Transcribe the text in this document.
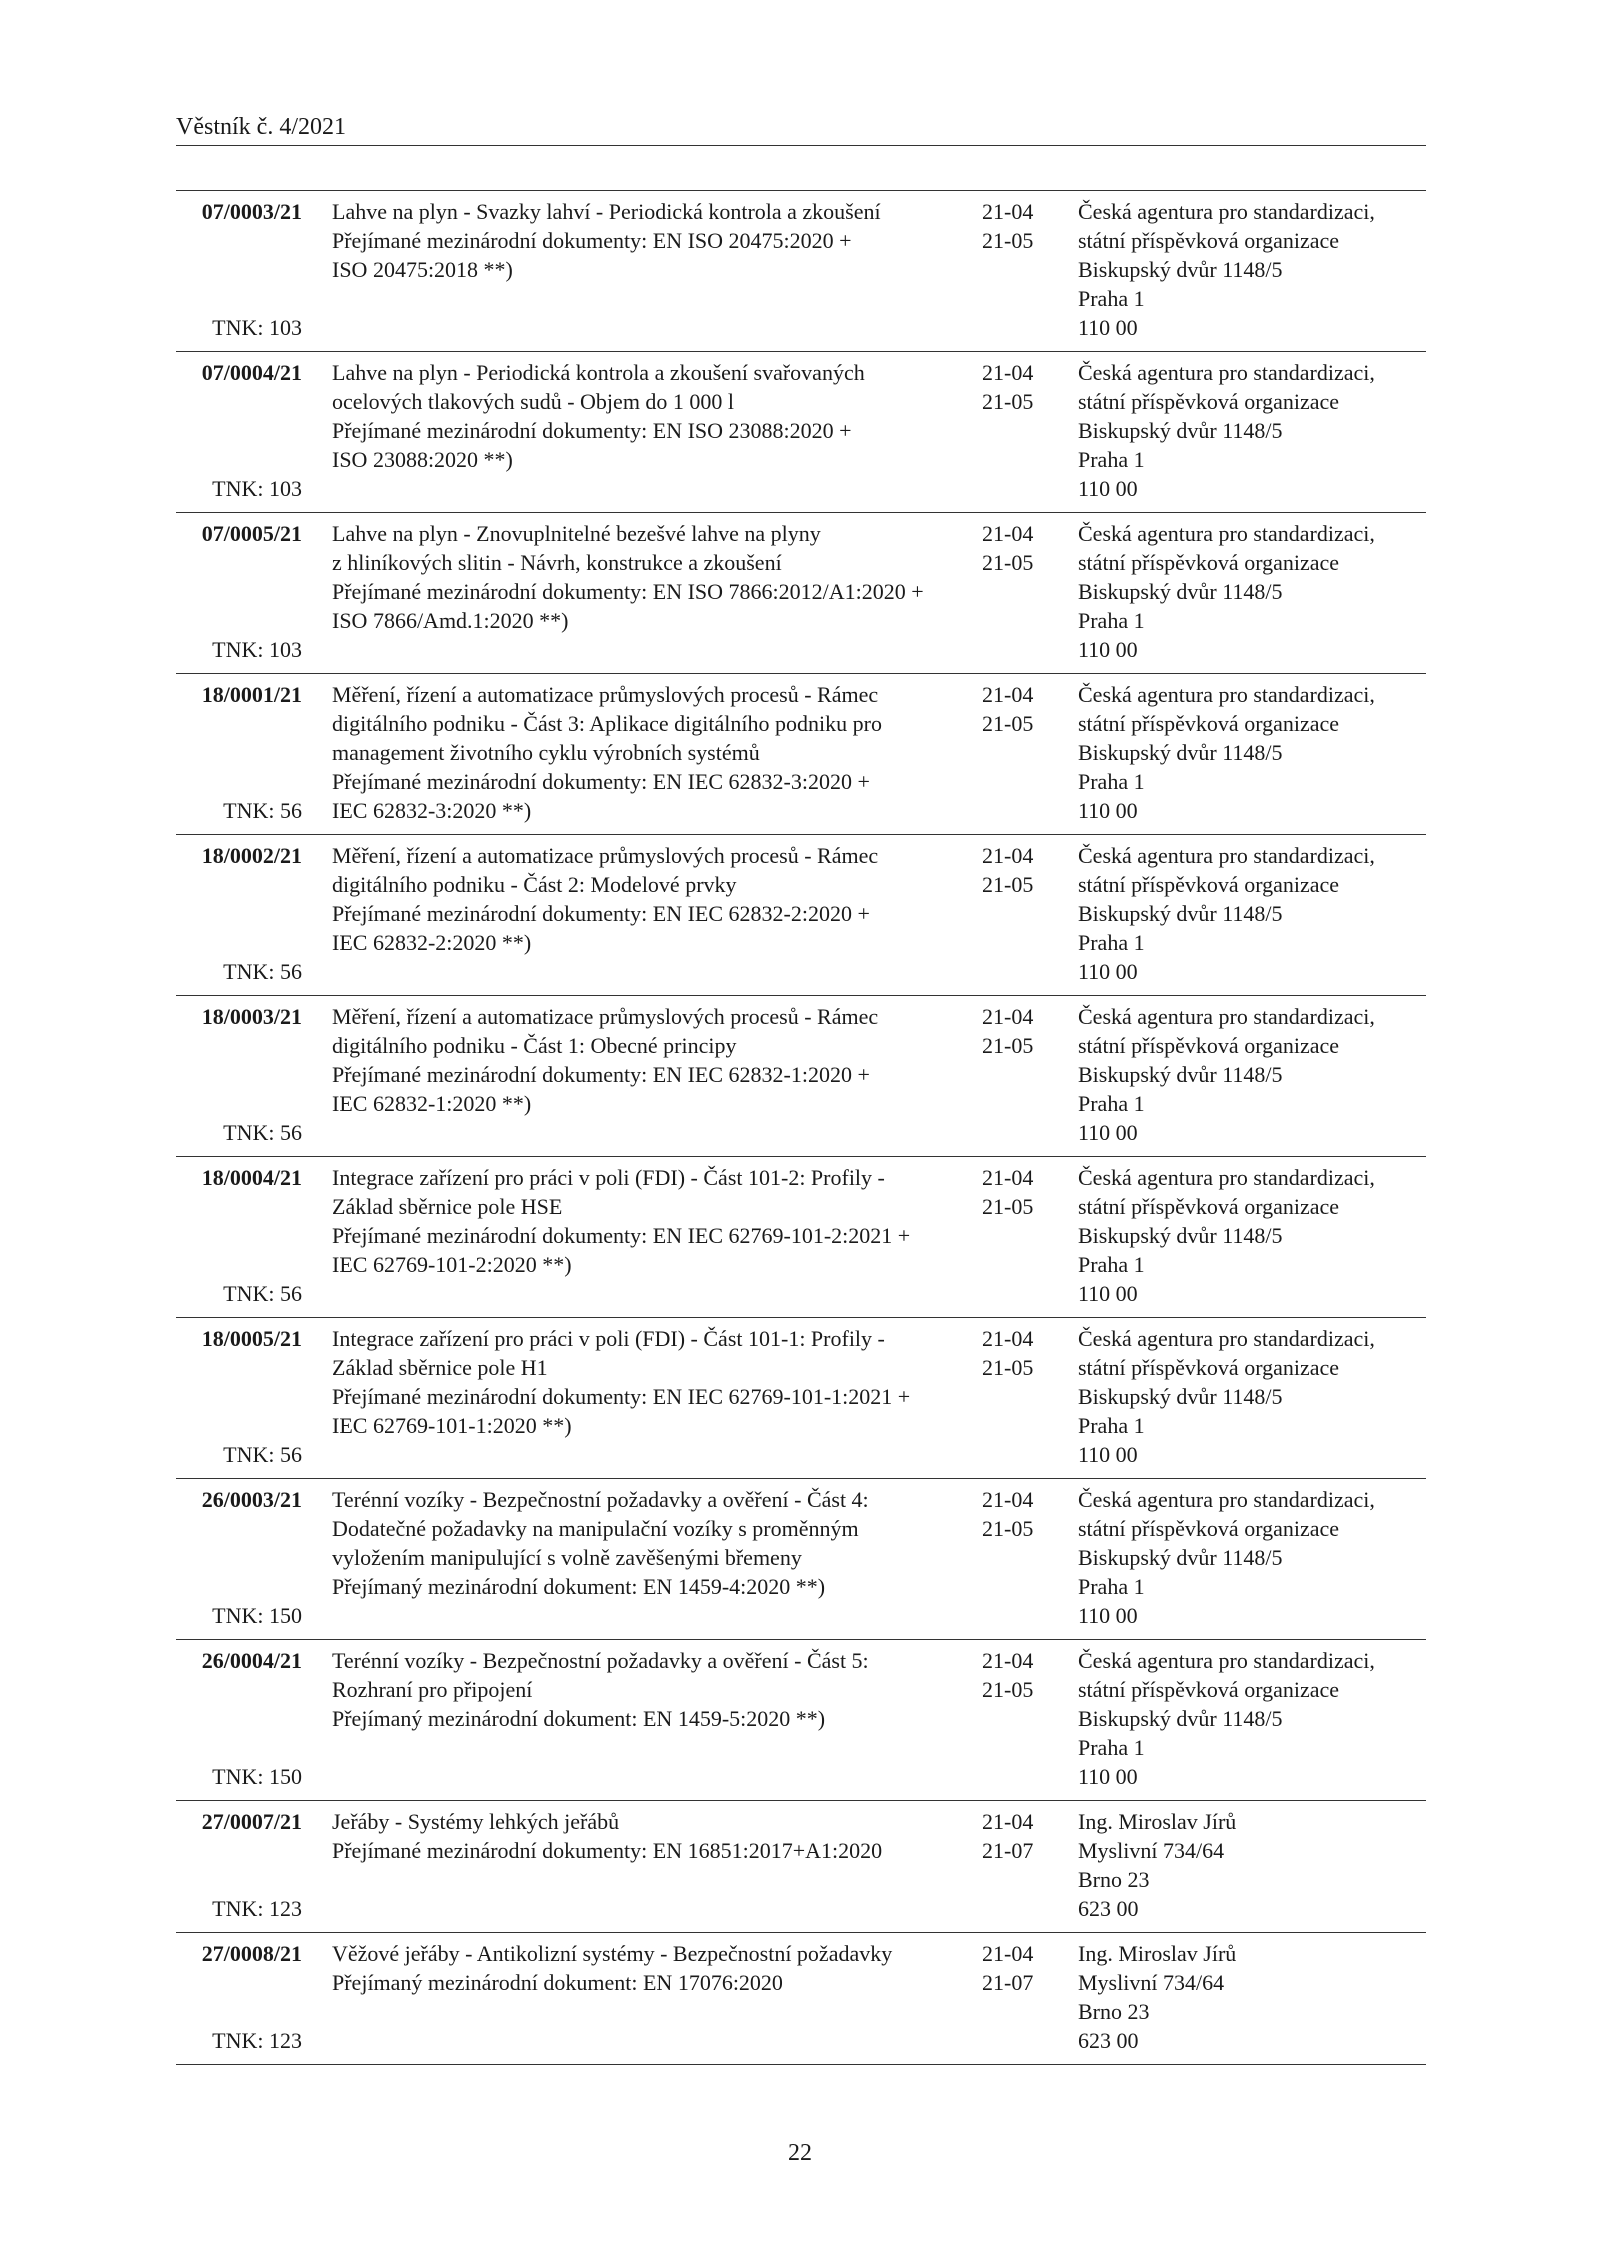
Věstník č. 4/2021
07/0003/21
TNK: 103
Lahve na plyn - Svazky lahví - Periodická kontrola a zkoušení
Přejímané mezinárodní dokumenty: EN ISO 20475:2020 +
ISO 20475:2018 **)
21-04
21-05
Česká agentura pro standardizaci,
státní příspěvková organizace
Biskupský dvůr 1148/5
Praha 1
110 00
07/0004/21
TNK: 103
Lahve na plyn - Periodická kontrola a zkoušení svařovaných
ocelových tlakových sudů - Objem do 1 000 l
Přejímané mezinárodní dokumenty: EN ISO 23088:2020 +
ISO 23088:2020 **)
21-04
21-05
Česká agentura pro standardizaci,
státní příspěvková organizace
Biskupský dvůr 1148/5
Praha 1
110 00
07/0005/21
TNK: 103
Lahve na plyn - Znovuplnitelné bezešvé lahve na plyny
z hliníkových slitin - Návrh, konstrukce a zkoušení
Přejímané mezinárodní dokumenty: EN ISO 7866:2012/A1:2020 +
ISO 7866/Amd.1:2020 **)
21-04
21-05
Česká agentura pro standardizaci,
státní příspěvková organizace
Biskupský dvůr 1148/5
Praha 1
110 00
18/0001/21
TNK: 56
Měření, řízení a automatizace průmyslových procesů - Rámec
digitálního podniku - Část 3: Aplikace digitálního podniku pro
management životního cyklu výrobních systémů
Přejímané mezinárodní dokumenty: EN IEC 62832-3:2020 +
IEC 62832-3:2020 **)
21-04
21-05
Česká agentura pro standardizaci,
státní příspěvková organizace
Biskupský dvůr 1148/5
Praha 1
110 00
18/0002/21
TNK: 56
Měření, řízení a automatizace průmyslových procesů - Rámec
digitálního podniku - Část 2: Modelové prvky
Přejímané mezinárodní dokumenty: EN IEC 62832-2:2020 +
IEC 62832-2:2020 **)
21-04
21-05
Česká agentura pro standardizaci,
státní příspěvková organizace
Biskupský dvůr 1148/5
Praha 1
110 00
18/0003/21
TNK: 56
Měření, řízení a automatizace průmyslových procesů - Rámec
digitálního podniku - Část 1: Obecné principy
Přejímané mezinárodní dokumenty: EN IEC 62832-1:2020 +
IEC 62832-1:2020 **)
21-04
21-05
Česká agentura pro standardizaci,
státní příspěvková organizace
Biskupský dvůr 1148/5
Praha 1
110 00
18/0004/21
TNK: 56
Integrace zařízení pro práci v poli (FDI) - Část 101-2: Profily -
Základ sběrnice pole HSE
Přejímané mezinárodní dokumenty: EN IEC 62769-101-2:2021 +
IEC 62769-101-2:2020 **)
21-04
21-05
Česká agentura pro standardizaci,
státní příspěvková organizace
Biskupský dvůr 1148/5
Praha 1
110 00
18/0005/21
TNK: 56
Integrace zařízení pro práci v poli (FDI) - Část 101-1: Profily -
Základ sběrnice pole H1
Přejímané mezinárodní dokumenty: EN IEC 62769-101-1:2021 +
IEC 62769-101-1:2020 **)
21-04
21-05
Česká agentura pro standardizaci,
státní příspěvková organizace
Biskupský dvůr 1148/5
Praha 1
110 00
26/0003/21
TNK: 150
Terénní vozíky - Bezpečnostní požadavky a ověření - Část 4:
Dodatečné požadavky na manipulační vozíky s proměnným
vyložením manipulující s volně zavěšenými břemeny
Přejímaný mezinárodní dokument: EN 1459-4:2020 **)
21-04
21-05
Česká agentura pro standardizaci,
státní příspěvková organizace
Biskupský dvůr 1148/5
Praha 1
110 00
26/0004/21
TNK: 150
Terénní vozíky - Bezpečnostní požadavky a ověření - Část 5:
Rozhraní pro připojení
Přejímaný mezinárodní dokument: EN 1459-5:2020 **)
21-04
21-05
Česká agentura pro standardizaci,
státní příspěvková organizace
Biskupský dvůr 1148/5
Praha 1
110 00
27/0007/21
TNK: 123
Jeřáby - Systémy lehkých jeřábů
Přejímané mezinárodní dokumenty: EN 16851:2017+A1:2020
21-04
21-07
Ing. Miroslav Jírů
Myslivní 734/64
Brno 23
623 00
27/0008/21
TNK: 123
Věžové jeřáby - Antikolizní systémy - Bezpečnostní požadavky
Přejímaný mezinárodní dokument: EN 17076:2020
21-04
21-07
Ing. Miroslav Jírů
Myslivní 734/64
Brno 23
623 00
22
